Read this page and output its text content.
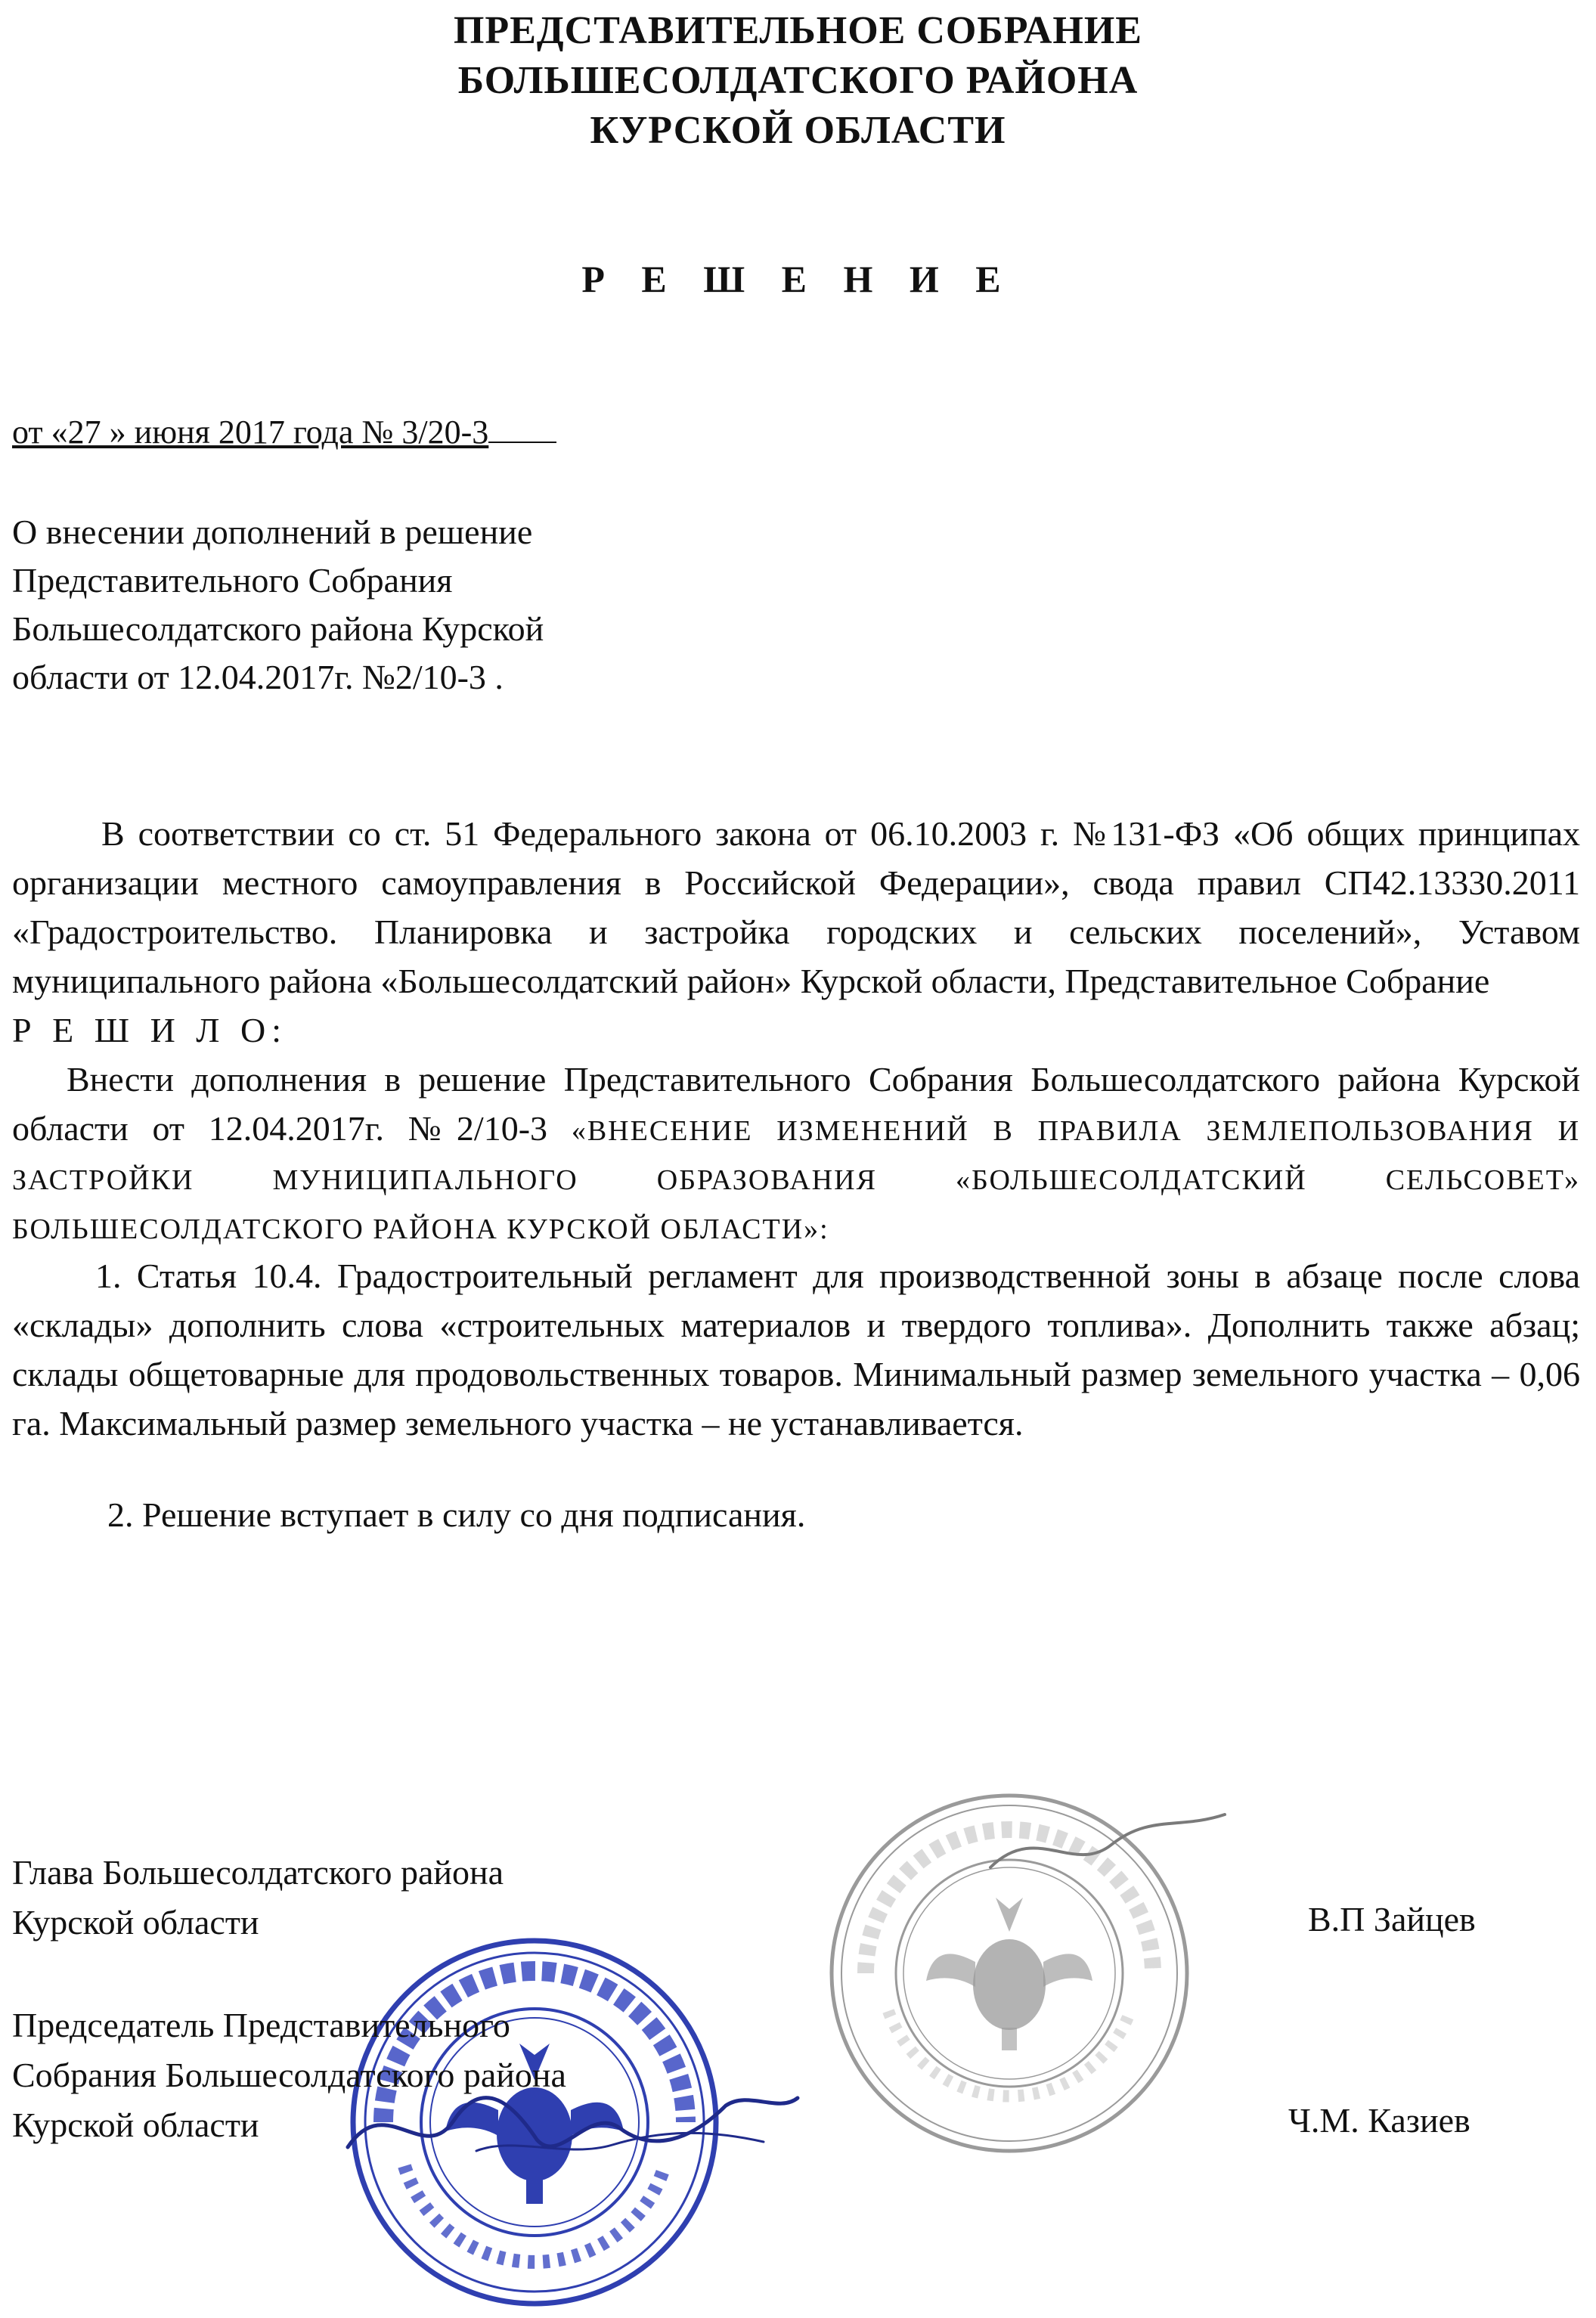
ПРЕДСТАВИТЕЛЬНОЕ СОБРАНИЕ
БОЛЬШЕСОЛДАТСКОГО РАЙОНА
КУРСКОЙ ОБЛАСТИ
Р Е Ш Е Н И Е
от «27 » июня 2017 года № 3/20-3
О внесении дополнений в решение
Представительного Собрания
Большесолдатского района Курской
области от 12.04.2017г. №2/10-3 .

В соответствии со ст. 51 Федерального закона от 06.10.2003 г. №131-ФЗ «Об общих принципах организации местного самоуправления в Российской Федерации», свода правил СП42.13330.2011 «Градостроительство. Планировка и застройка городских и сельских поселений», Уставом муниципального района «Большесолдатский район» Курской области, Представительное Собрание

Р Е Ш И Л О:

Внести дополнения в решение Представительного Собрания Большесолдатского района Курской области от 12.04.2017г. №2/10-3 «ВНЕСЕНИЕ ИЗМЕНЕНИЙ В ПРАВИЛА ЗЕМЛЕПОЛЬЗОВАНИЯ И ЗАСТРОЙКИ МУНИЦИПАЛЬНОГО ОБРАЗОВАНИЯ «БОЛЬШЕСОЛДАТСКИЙ СЕЛЬСОВЕТ» БОЛЬШЕСОЛДАТСКОГО РАЙОНА КУРСКОЙ ОБЛАСТИ»:

1. Статья 10.4. Градостроительный регламент для производственной зоны в абзаце после слова «склады» дополнить слова «строительных материалов и твердого топлива». Дополнить также абзац; склады общетоварные для продовольственных товаров. Минимальный размер земельного участка – 0,06 га. Максимальный размер земельного участка – не устанавливается.

2. Решение вступает в силу со дня подписания.

Глава Большесолдатского района
Курской области	В.П Зайцев
Председатель Представительного
Собрания Большесолдатского района
Курской области	Ч.М. Казиев
